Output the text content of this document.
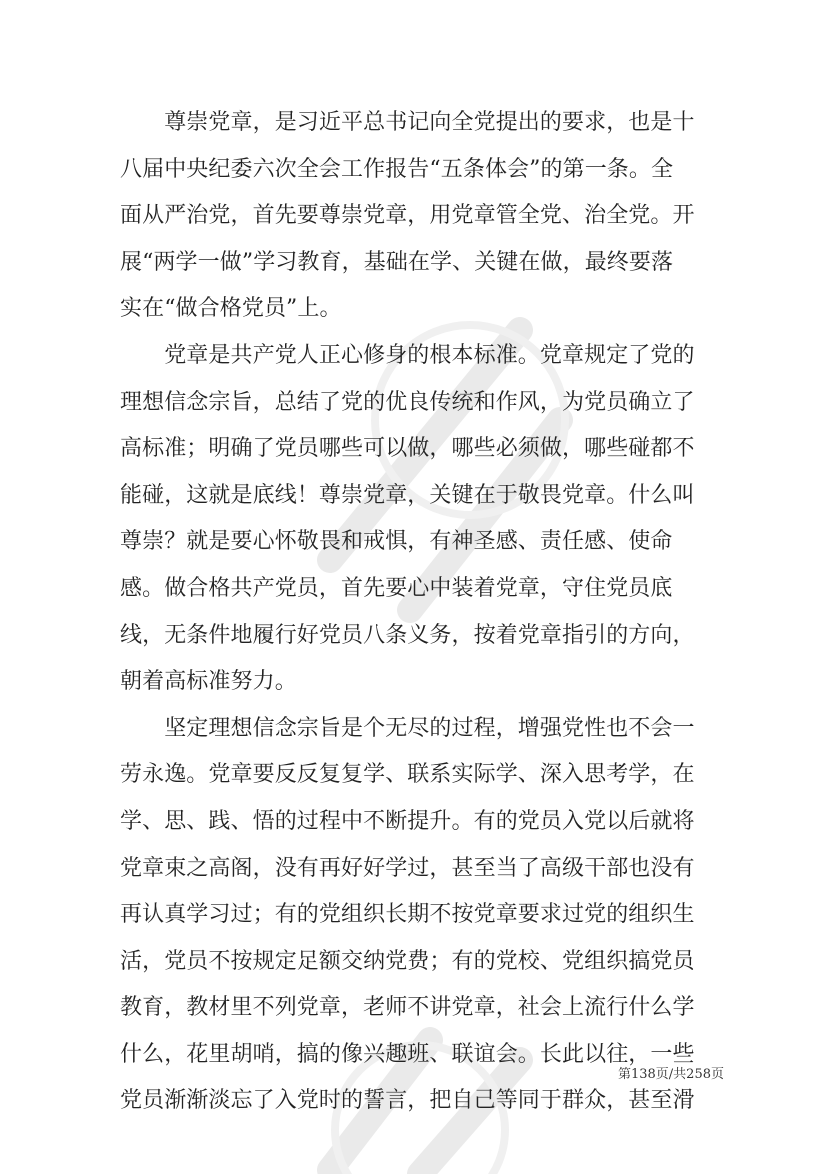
　　尊崇党章，是习近平总书记向全党提出的要求，也是十
八届中央纪委六次全会工作报告“五条体会”的第一条。全
面从严治党，首先要尊崇党章，用党章管全党、治全党。开
展“两学一做”学习教育，基础在学、关键在做，最终要落
实在“做合格党员”上。

　　党章是共产党人正心修身的根本标准。党章规定了党的
理想信念宗旨，总结了党的优良传统和作风，为党员确立了
高标准；明确了党员哪些可以做，哪些必须做，哪些碰都不
能碰，这就是底线！尊崇党章，关键在于敬畏党章。什么叫
尊崇？就是要心怀敬畏和戒惧，有神圣感、责任感、使命
感。做合格共产党员，首先要心中装着党章，守住党员底
线，无条件地履行好党员八条义务，按着党章指引的方向，
朝着高标准努力。

　　坚定理想信念宗旨是个无尽的过程，增强党性也不会一
劳永逸。党章要反反复复学、联系实际学、深入思考学，在
学、思、践、悟的过程中不断提升。有的党员入党以后就将
党章束之高阁，没有再好好学过，甚至当了高级干部也没有
再认真学习过；有的党组织长期不按党章要求过党的组织生
活，党员不按规定足额交纳党费；有的党校、党组织搞党员
教育，教材里不列党章，老师不讲党章，社会上流行什么学
什么，花里胡哨，搞的像兴趣班、联谊会。长此以往，一些
党员渐渐淡忘了入党时的誓言，把自己等同于群众，甚至滑

第138页/共258页
